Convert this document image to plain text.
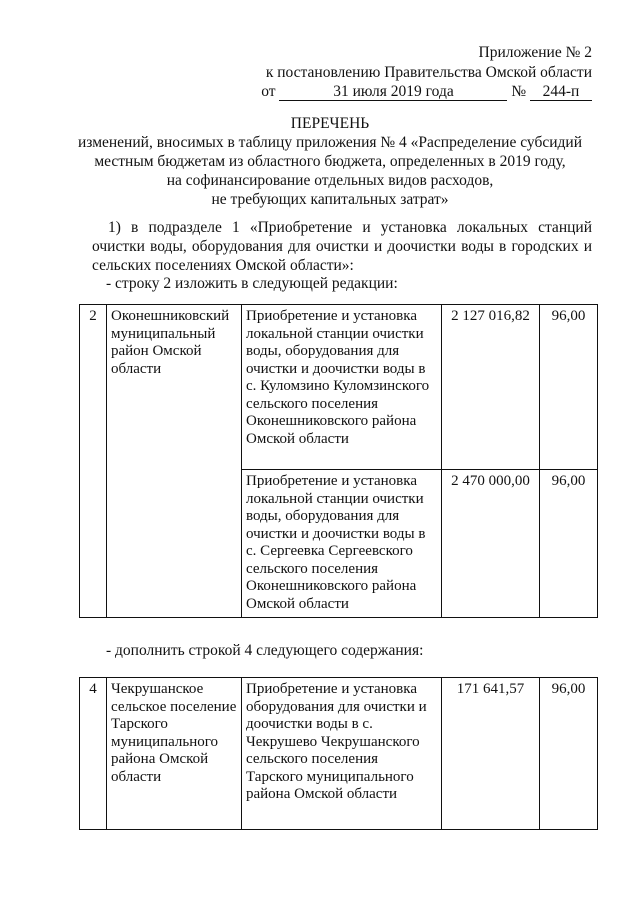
Приложение № 2
к постановлению Правительства Омской области
от	31 июля 2019 года	№ 244-п
ПЕРЕЧЕНЬ
изменений, вносимых в таблицу приложения № 4 «Распределение субсидий
местным бюджетам из областного бюджета, определенных в 2019 году,
на софинансирование отдельных видов расходов,
не требующих капитальных затрат»
1) в подразделе 1 «Приобретение и установка локальных станций очистки воды, оборудования для очистки и доочистки воды в городских и сельских поселениях Омской области»:
- строку 2 изложить в следующей редакции:
2	Оконешниковский муниципальный район Омской области	Приобретение и установка локальной станции очистки воды, оборудования для очистки и доочистки воды в с. Куломзино Куломзинского сельского поселения Оконешниковского района Омской области	2 127 016,82	96,00
		Приобретение и установка локальной станции очистки воды, оборудования для очистки и доочистки воды в с. Сергеевка Сергеевского сельского поселения Оконешниковского района Омской области	2 470 000,00	96,00
- дополнить строкой 4 следующего содержания:
4	Чекрушанское сельское поселение Тарского муниципального района Омской области	Приобретение и установка оборудования для очистки и доочистки воды в с. Чекрушево Чекрушанского сельского поселения Тарского муниципального района Омской области	171 641,57	96,00
